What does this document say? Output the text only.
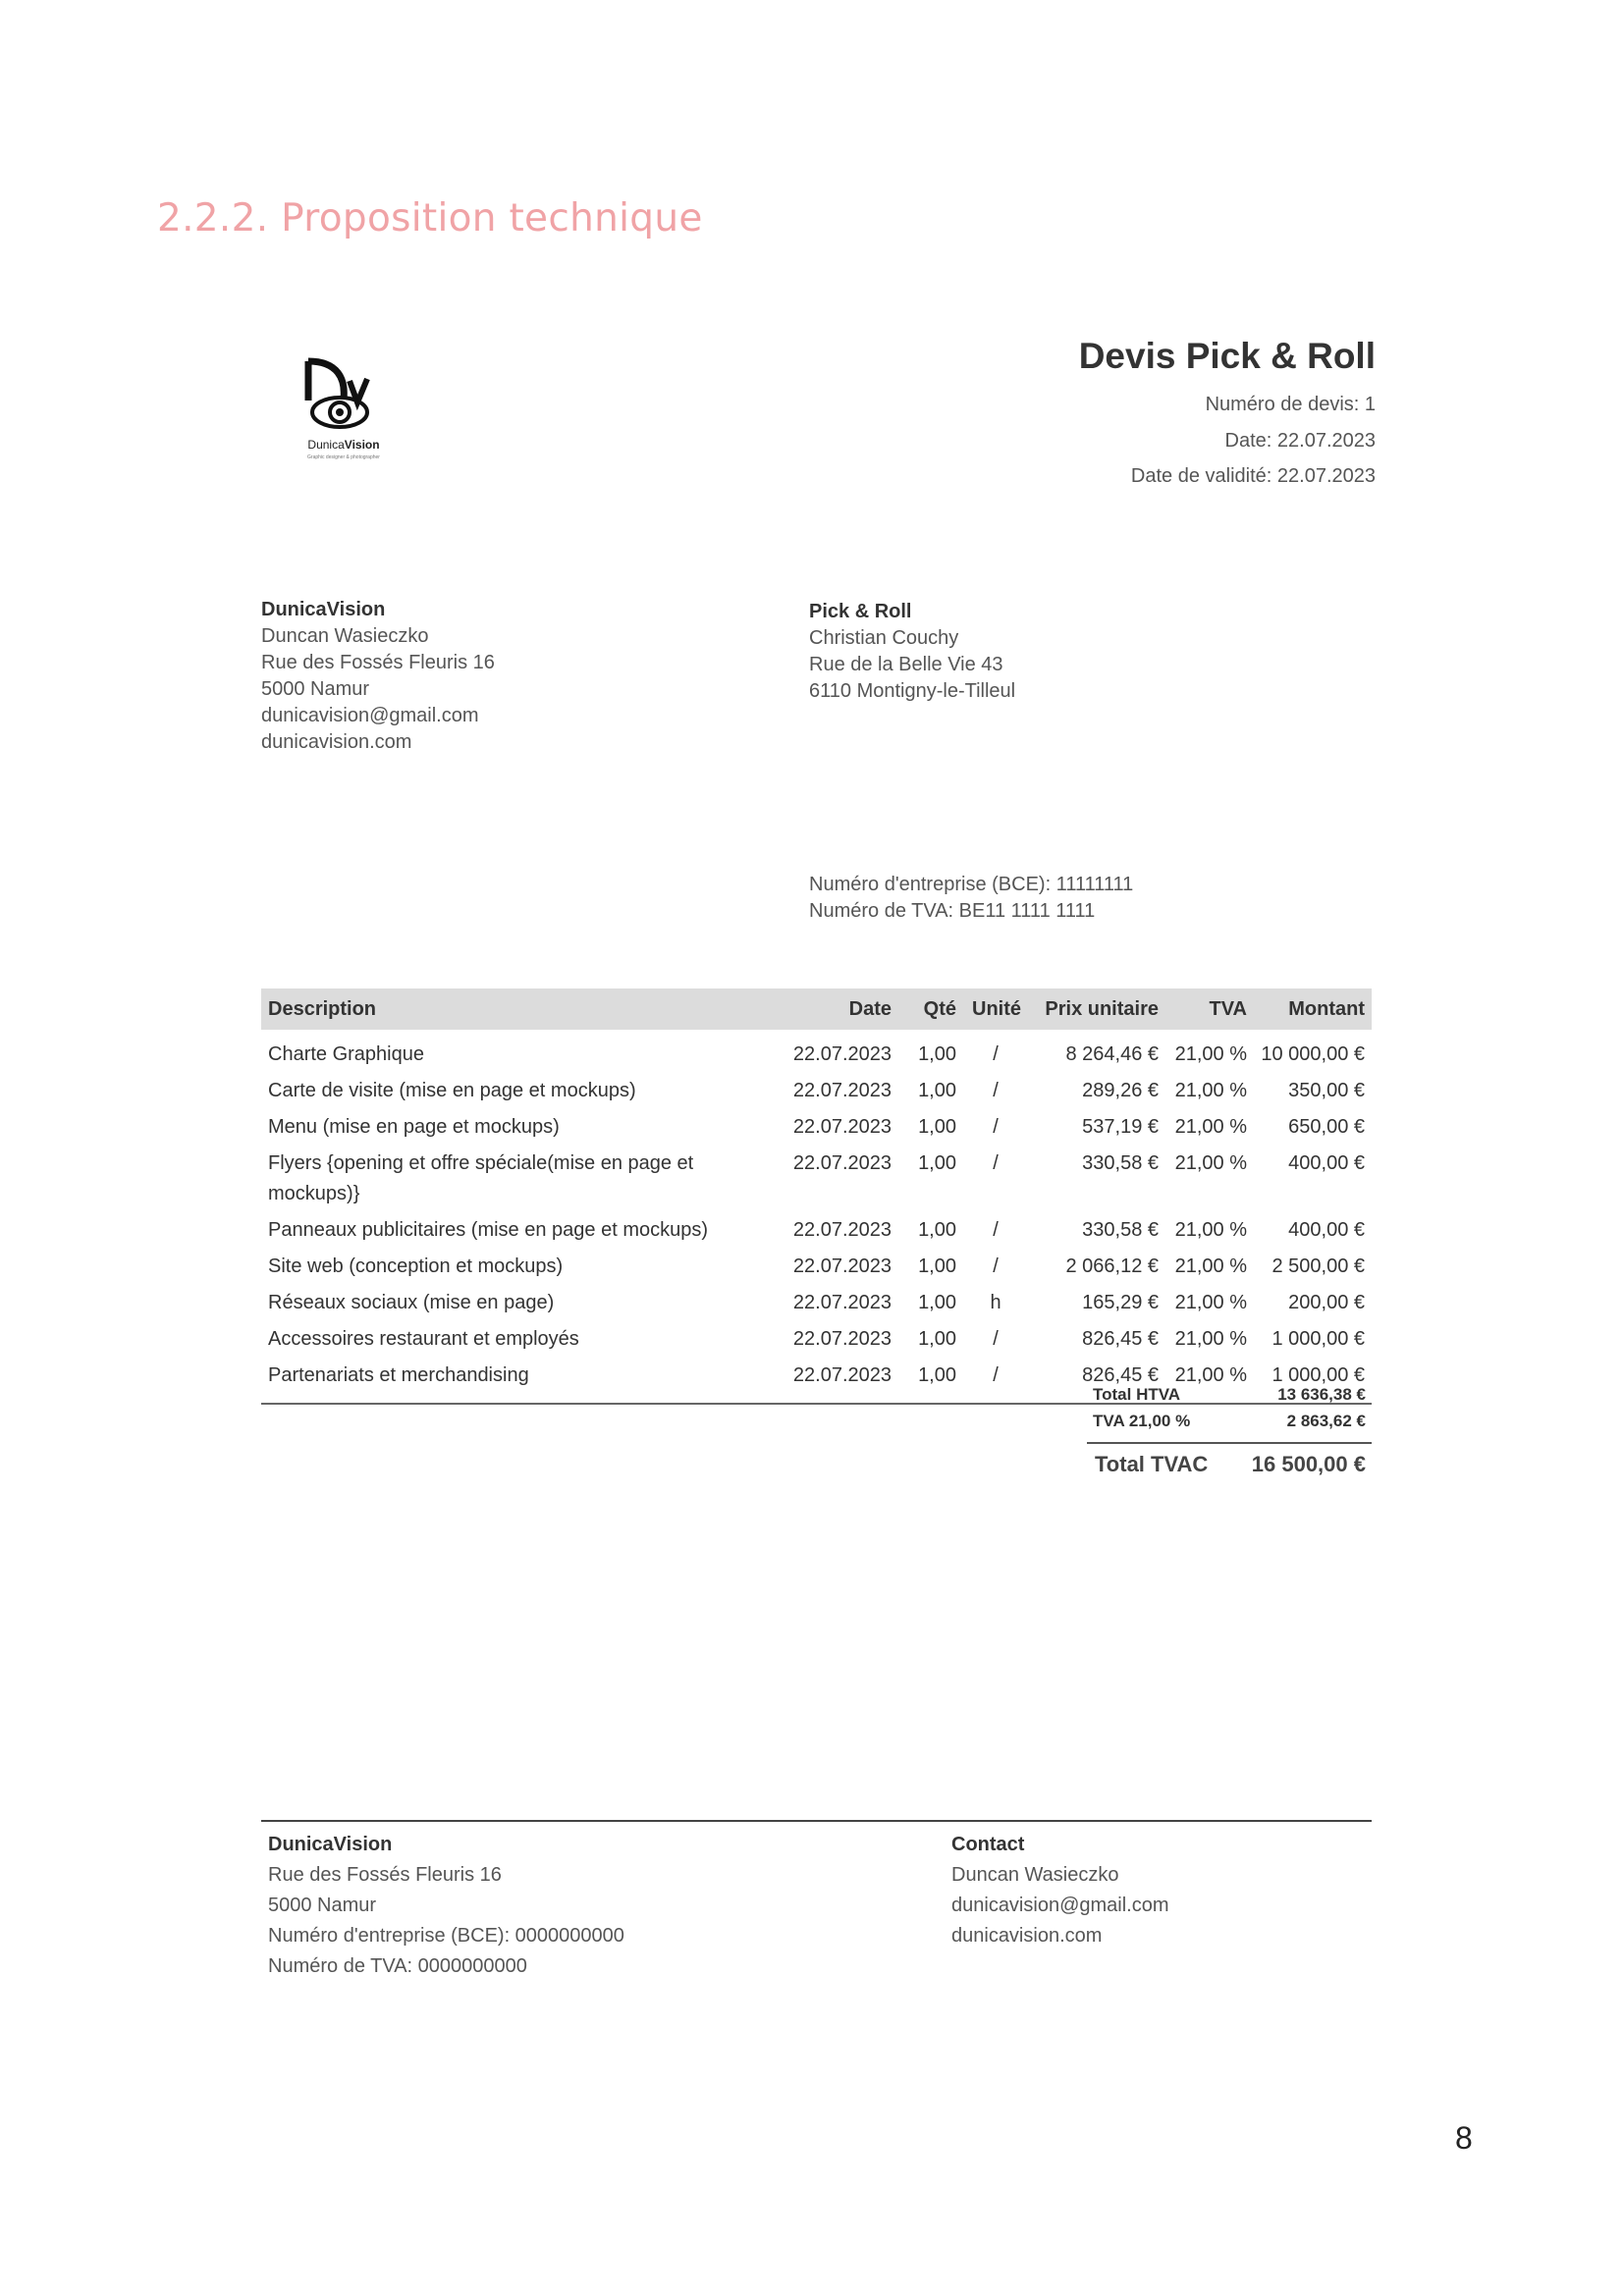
2.2.2. Proposition technique
DunicaVision
Graphic designer & photographer
Devis Pick & Roll
Numéro de devis: 1
Date: 22.07.2023
Date de validité: 22.07.2023
DunicaVision
Duncan Wasieczko
Rue des Fossés Fleuris 16
5000 Namur
dunicavision@gmail.com
dunicavision.com
Pick & Roll
Christian Couchy
Rue de la Belle Vie 43
6110 Montigny-le-Tilleul
Numéro d'entreprise (BCE): 11111111
Numéro de TVA: BE11 1111 1111
Description	Date	Qté	Unité	Prix unitaire	TVA	Montant
Charte Graphique	22.07.2023	1,00	/	8 264,46 €	21,00 %	10 000,00 €
Carte de visite (mise en page et mockups)	22.07.2023	1,00	/	289,26 €	21,00 %	350,00 €
Menu (mise en page et mockups)	22.07.2023	1,00	/	537,19 €	21,00 %	650,00 €
Flyers {opening et offre spéciale(mise en page et mockups)}	22.07.2023	1,00	/	330,58 €	21,00 %	400,00 €
Panneaux publicitaires (mise en page et mockups)	22.07.2023	1,00	/	330,58 €	21,00 %	400,00 €
Site web (conception et mockups)	22.07.2023	1,00	/	2 066,12 €	21,00 %	2 500,00 €
Réseaux sociaux (mise en page)	22.07.2023	1,00	h	165,29 €	21,00 %	200,00 €
Accessoires restaurant et employés	22.07.2023	1,00	/	826,45 €	21,00 %	1 000,00 €
Partenariats et merchandising	22.07.2023	1,00	/	826,45 €	21,00 %	1 000,00 €
Total HTVA	13 636,38 €
TVA 21,00 %	2 863,62 €
Total TVAC 16 500,00 €
DunicaVision
Rue des Fossés Fleuris 16
5000 Namur
Numéro d'entreprise (BCE): 0000000000
Numéro de TVA: 0000000000
Contact
Duncan Wasieczko
dunicavision@gmail.com
dunicavision.com
8
